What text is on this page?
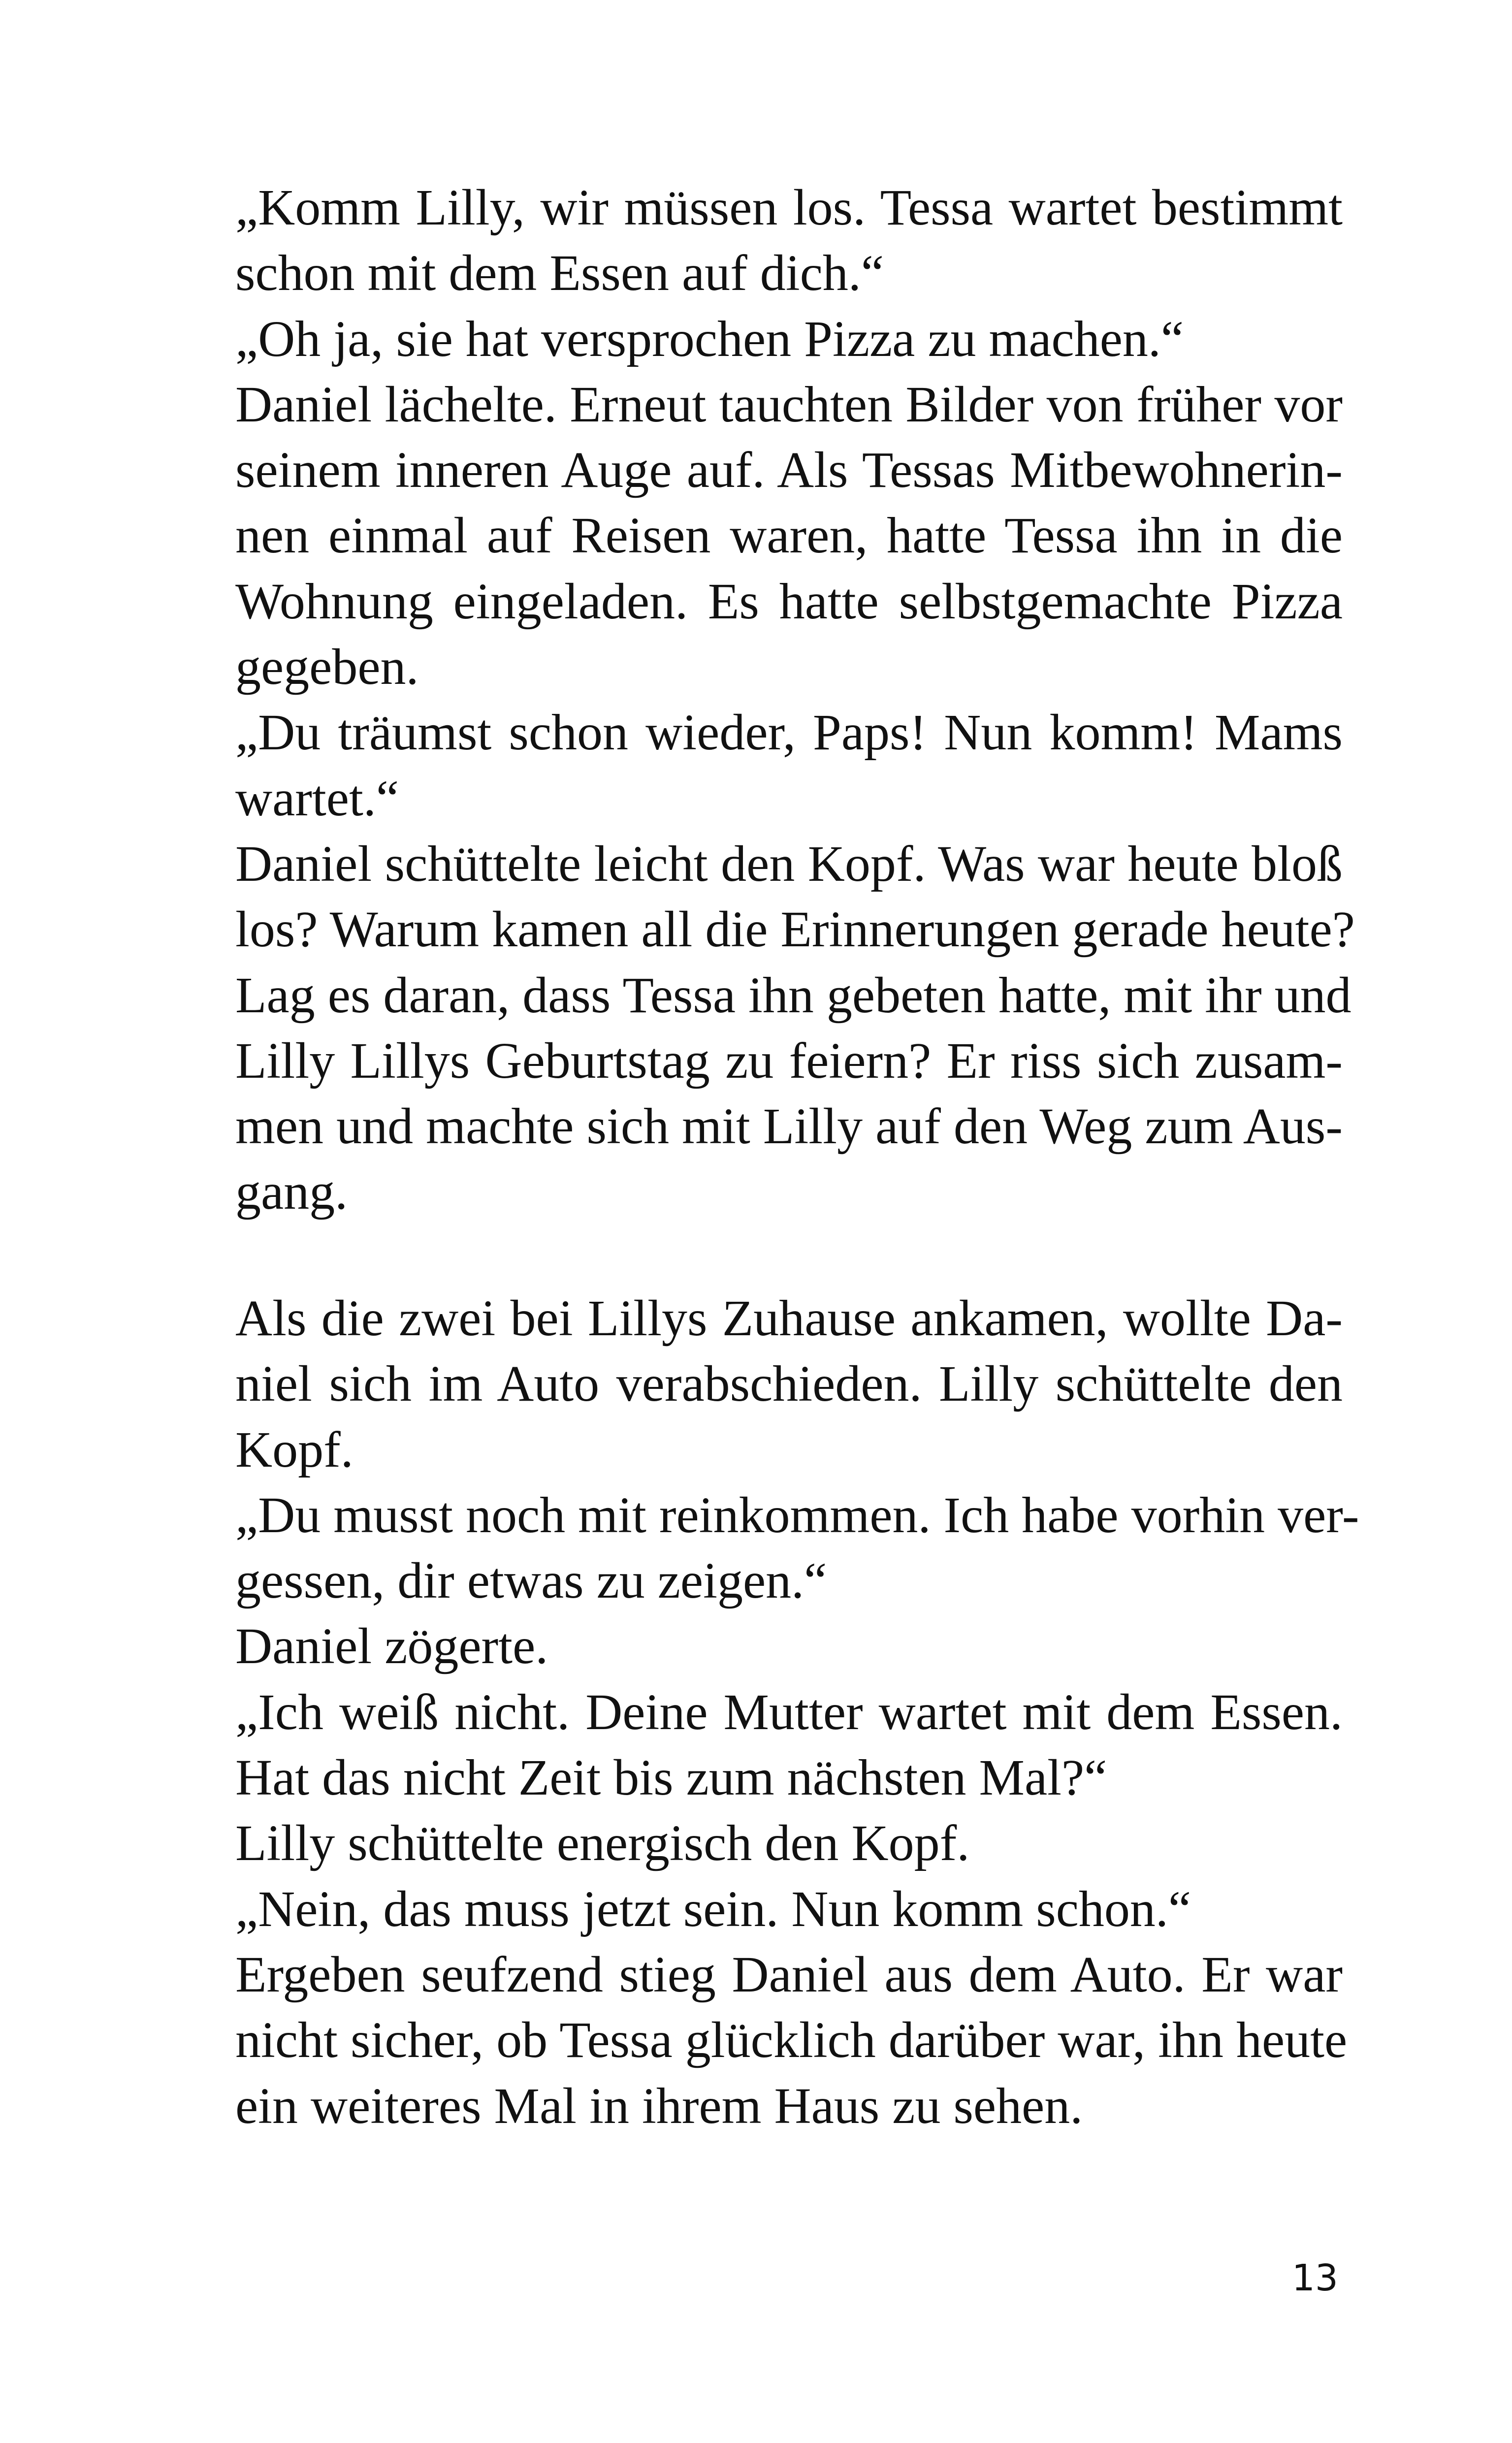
„Komm Lilly, wir müssen los. Tessa wartet bestimmt
schon mit dem Essen auf dich.“
„Oh ja, sie hat versprochen Pizza zu machen.“
Daniel lächelte. Erneut tauchten Bilder von früher vor
seinem inneren Auge auf. Als Tessas Mitbewohnerin-
nen einmal auf Reisen waren, hatte Tessa ihn in die
Wohnung eingeladen. Es hatte selbstgemachte Pizza
gegeben.
„Du träumst schon wieder, Paps! Nun komm! Mams
wartet.“
Daniel schüttelte leicht den Kopf. Was war heute bloß
los? Warum kamen all die Erinnerungen gerade heute?
Lag es daran, dass Tessa ihn gebeten hatte, mit ihr und
Lilly Lillys Geburtstag zu feiern? Er riss sich zusam-
men und machte sich mit Lilly auf den Weg zum Aus-
gang.
Als die zwei bei Lillys Zuhause ankamen, wollte Da-
niel sich im Auto verabschieden. Lilly schüttelte den
Kopf.
„Du musst noch mit reinkommen. Ich habe vorhin ver-
gessen, dir etwas zu zeigen.“
Daniel zögerte.
„Ich weiß nicht. Deine Mutter wartet mit dem Essen.
Hat das nicht Zeit bis zum nächsten Mal?“
Lilly schüttelte energisch den Kopf.
„Nein, das muss jetzt sein. Nun komm schon.“
Ergeben seufzend stieg Daniel aus dem Auto. Er war
nicht sicher, ob Tessa glücklich darüber war, ihn heute
ein weiteres Mal in ihrem Haus zu sehen.
13
